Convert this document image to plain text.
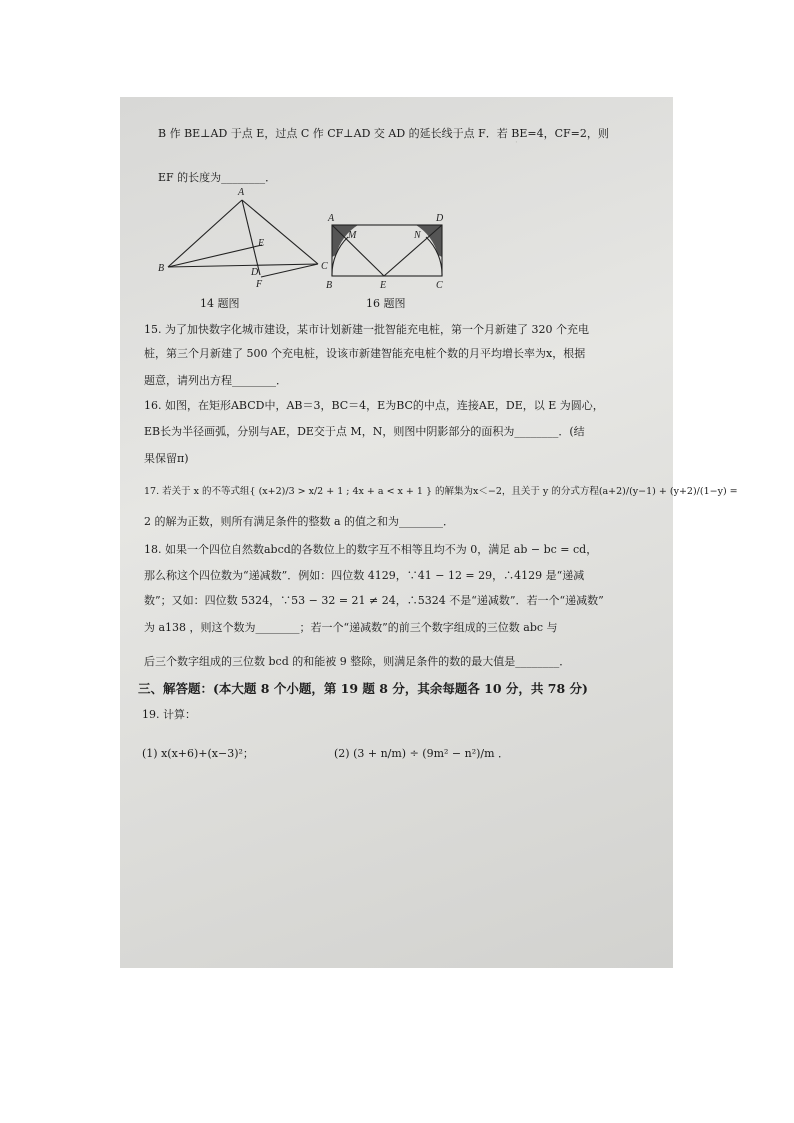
·
B 作 BE⊥AD 于点 E，过点 C 作 CF⊥AD 交 AD 的延长线于点 F．若 BE=4，CF=2，则
EF 的长度为________．
A
B	C
D
E
F
A	D
M	N
B	E	C
14 题图	16 题图
15. 为了加快数字化城市建设，某市计划新建一批智能充电桩，第一个月新建了 320 个充电
桩，第三个月新建了 500 个充电桩，设该市新建智能充电桩个数的月平均增长率为x，根据
题意，请列出方程________．
16. 如图，在矩形ABCD中，AB＝3，BC＝4，E为BC的中点，连接AE，DE，以 E 为圆心，
EB长为半径画弧，分别与AE，DE交于点 M，N，则图中阴影部分的面积为________．(结
果保留π)
17. 若关于 x 的不等式组{ (x+2)/3 > x/2 + 1 ; 4x + a < x + 1 } 的解集为x＜−2，且关于 y 的分式方程(a+2)/(y−1) + (y+2)/(1−y) =
2 的解为正数，则所有满足条件的整数 a 的值之和为________．
18. 如果一个四位自然数abcd的各数位上的数字互不相等且均不为 0，满足 ab − bc = cd，
那么称这个四位数为“递减数”．例如：四位数 4129，∵41 − 12 = 29，∴4129 是“递减
数”；又如：四位数 5324，∵53 − 32 = 21 ≠ 24，∴5324 不是“递减数”．若一个“递减数”
为 a138 ，则这个数为________；若一个“递减数”的前三个数字组成的三位数 abc 与
后三个数字组成的三位数 bcd 的和能被 9 整除，则满足条件的数的最大值是________．
三、解答题：(本大题 8 个小题，第 19 题 8 分，其余每题各 10 分，共 78 分)
19. 计算：
(1) x(x+6)+(x−3)²；	(2) (3 + n/m) ÷ (9m² − n²)/m ．
